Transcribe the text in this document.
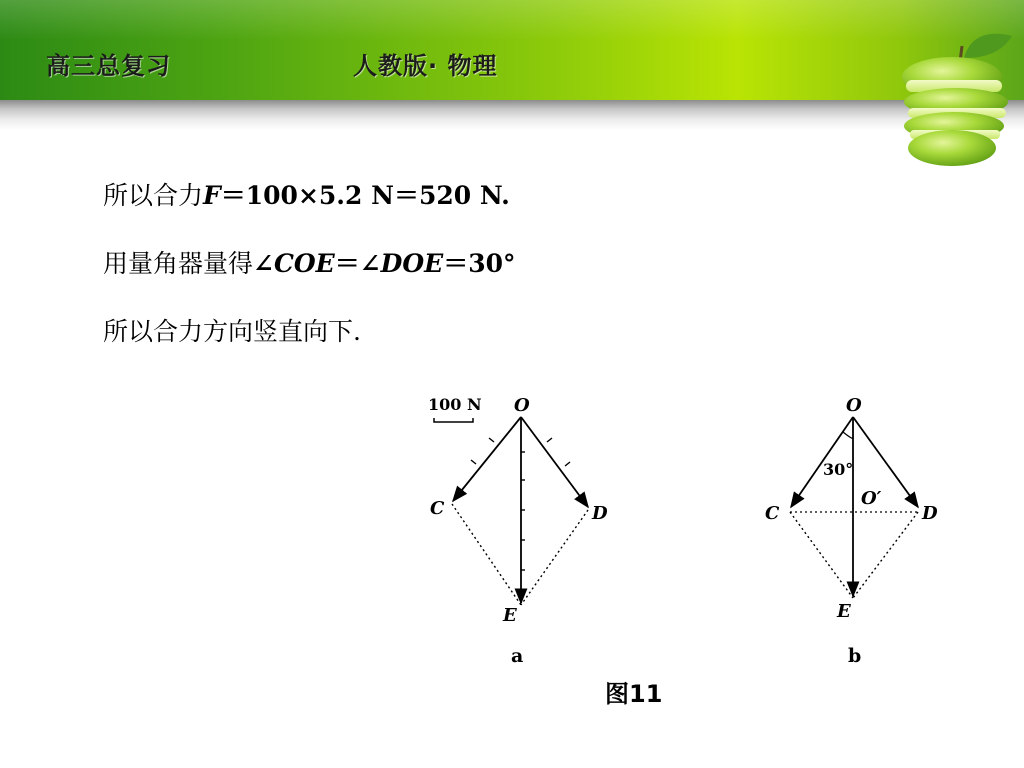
高三总复习	人教版· 物理
所以合力F＝100×5.2 N＝520 N.
用量角器量得∠COE＝∠DOE＝30°
所以合力方向竖直向下.
100 N O
C	D
E
a
O
30°
O′
C	D
E
b
图11
